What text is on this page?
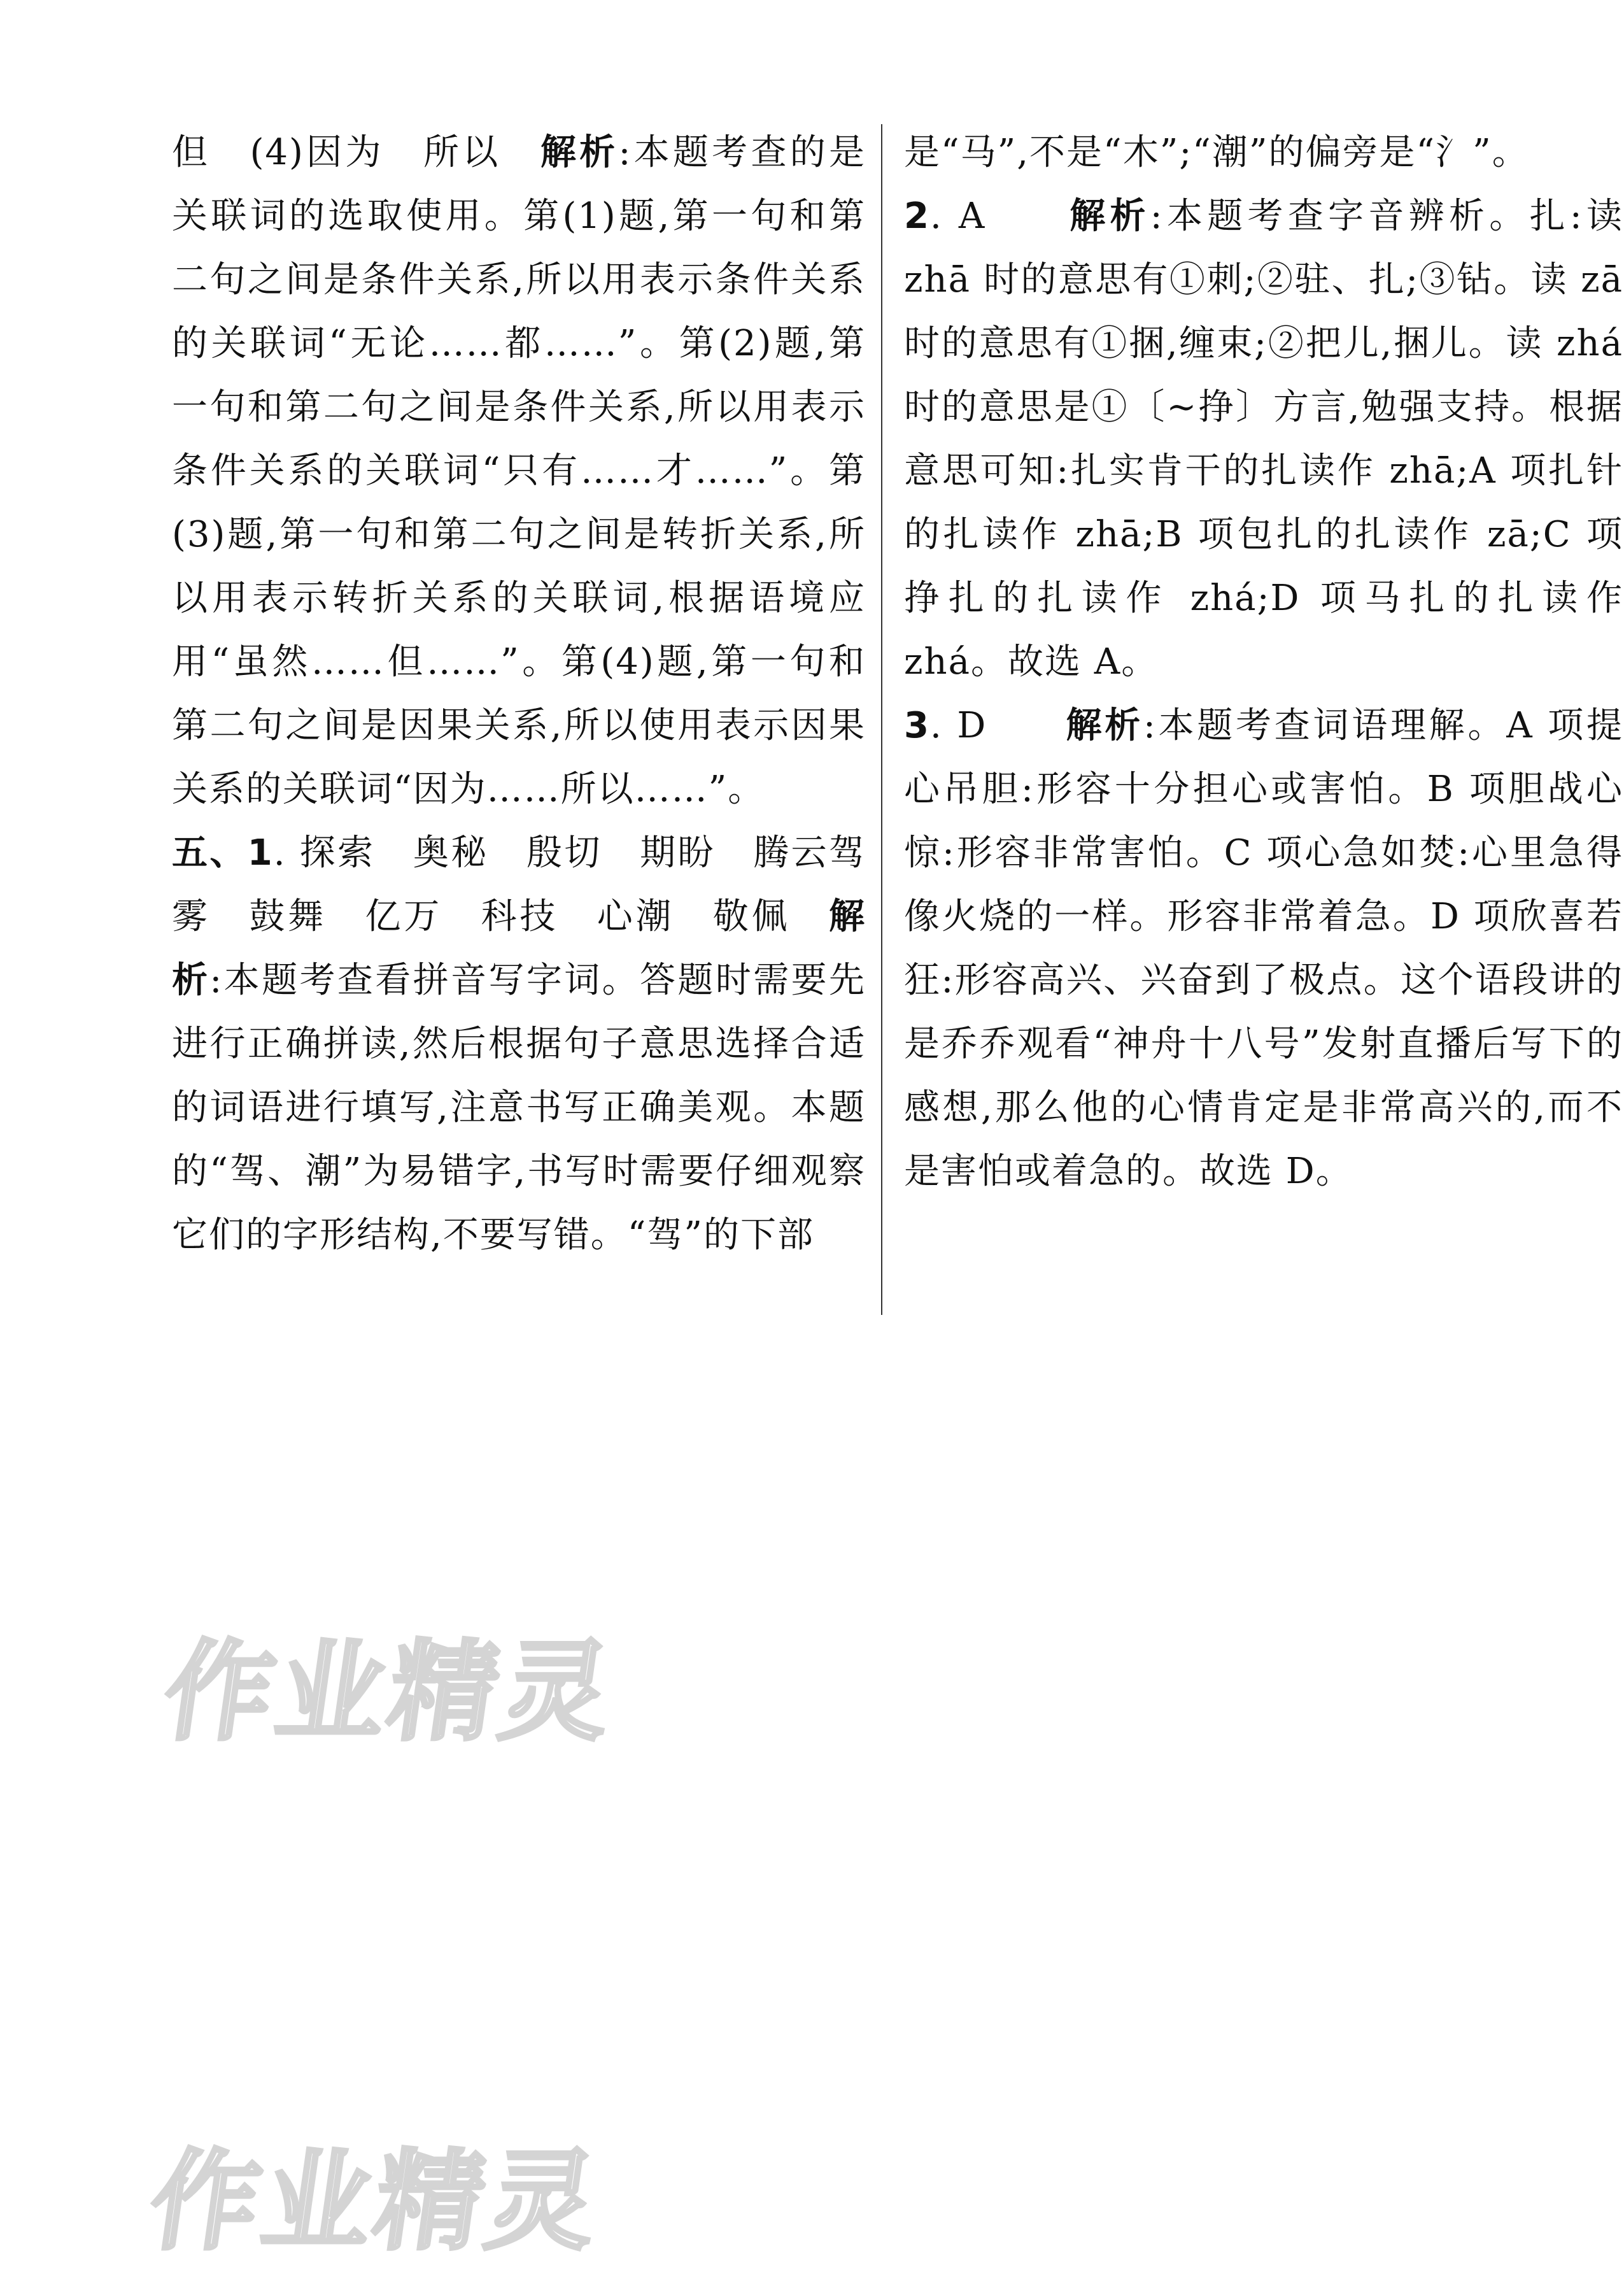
但　(4)因为　所以　解析:本题考查的是关联词的选取使用。第(1)题,第一句和第二句之间是条件关系,所以用表示条件关系的关联词“无论……都……”。第(2)题,第一句和第二句之间是条件关系,所以用表示条件关系的关联词“只有……才……”。第(3)题,第一句和第二句之间是转折关系,所以用表示转折关系的关联词,根据语境应用“虽然……但……”。第(4)题,第一句和第二句之间是因果关系,所以使用表示因果关系的关联词“因为……所以……”。

五、1. 探索　奥秘　殷切　期盼　腾云驾雾　鼓舞　亿万　科技　心潮　敬佩　解析:本题考查看拼音写字词。答题时需要先进行正确拼读,然后根据句子意思选择合适的词语进行填写,注意书写正确美观。本题的“驾、潮”为易错字,书写时需要仔细观察它们的字形结构,不要写错。“驾”的下部

是“马”,不是“木”;“潮”的偏旁是“氵”。

2. A　　解析:本题考查字音辨析。扎:读 zhā 时的意思有①刺;②驻、扎;③钻。读 zā 时的意思有①捆,缠束;②把儿,捆儿。读 zhá 时的意思是①〔~挣〕方言,勉强支持。根据意思可知:扎实肯干的扎读作 zhā;A 项扎针的扎读作 zhā;B 项包扎的扎读作 zā;C 项挣扎的扎读作 zhá;D 项马扎的扎读作 zhá。故选 A。

3. D　　解析:本题考查词语理解。A 项提心吊胆:形容十分担心或害怕。B 项胆战心惊:形容非常害怕。C 项心急如焚:心里急得像火烧的一样。形容非常着急。D 项欣喜若狂:形容高兴、兴奋到了极点。这个语段讲的是乔乔观看“神舟十八号”发射直播后写下的感想,那么他的心情肯定是非常高兴的,而不是害怕或着急的。故选 D。

作业精灵
作业精灵
